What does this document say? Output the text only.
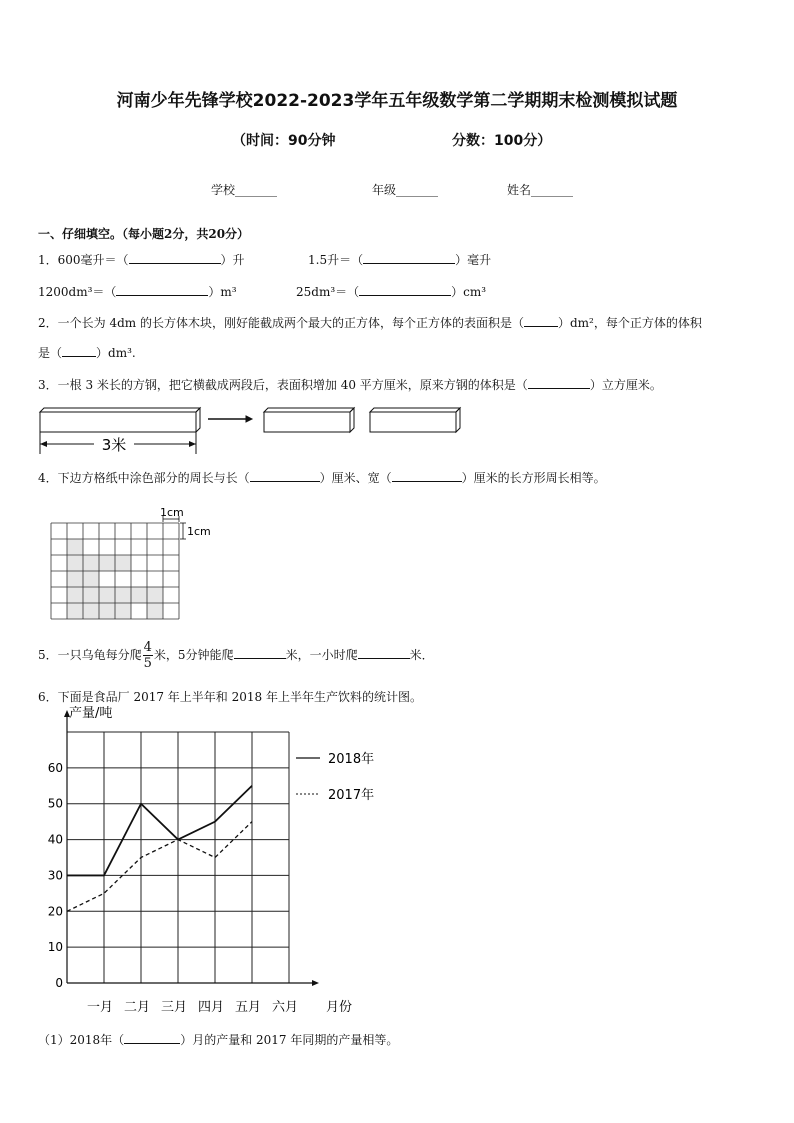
河南少年先锋学校2022-2023学年五年级数学第二学期期末检测模拟试题
（时间：90分钟	分数：100分）
学校_______	年级_______	姓名_______
一、仔细填空。（每小题2分，共20分）
1．600毫升＝（	）升	1.5升＝（	）毫升
1200dm³＝（	）m³	25dm³＝（	）cm³
2．一个长为 4dm 的长方体木块，刚好能截成两个最大的正方体，每个正方体的表面积是（	）dm²，每个正方体的体积
是（	）dm³.
3．一根 3 米长的方钢，把它横截成两段后，表面积增加 40 平方厘米，原来方钢的体积是（	）立方厘米。
3米
4．下边方格纸中涂色部分的周长与长（	）厘米、宽（	）厘米的长方形周长相等。
1cm
1cm
5．一只乌龟每分爬 $\frac{4}{5}$ 米，5分钟能爬	米，一小时爬	米．
6．下面是食品厂 2017 年上半年和 2018 年上半年生产饮料的统计图。
0
10
20
30
40
50
60
一月 二月 三月 四月 五月 六月 月份
产量/吨
2018年
2017年
（1）2018年（	）月的产量和 2017 年同期的产量相等。
